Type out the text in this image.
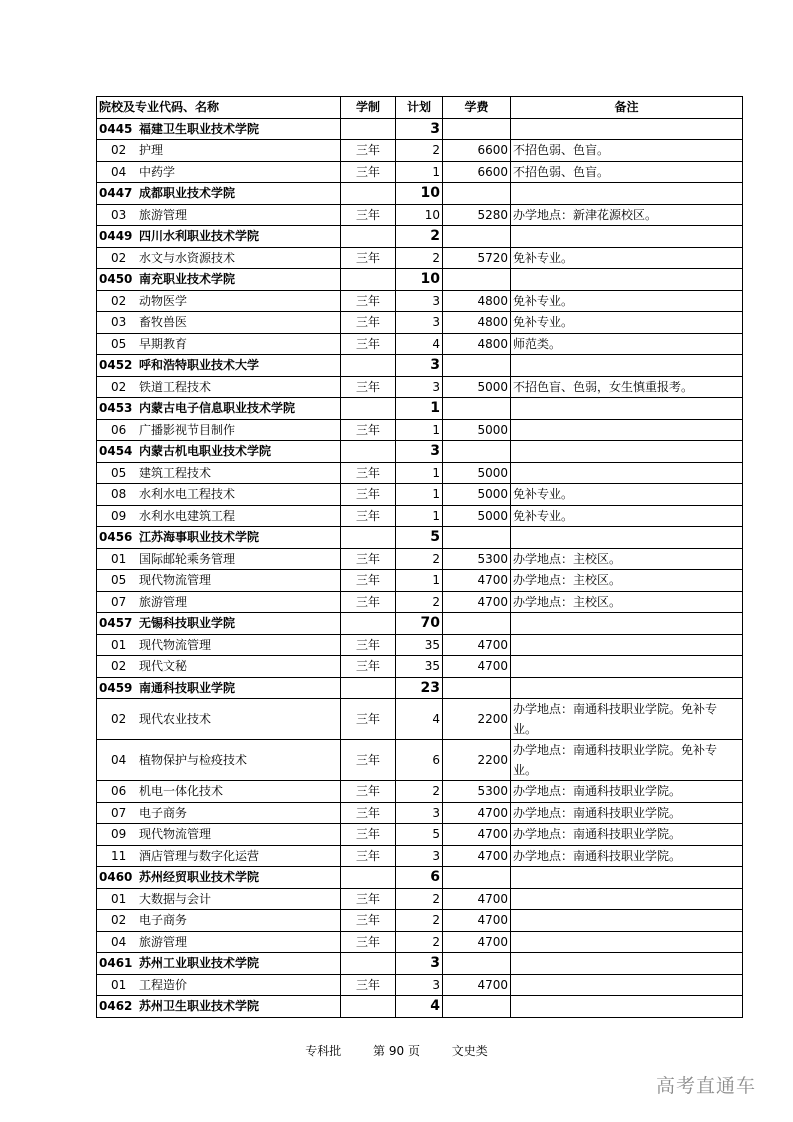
院校及专业代码、名称	学制	计划	学费	备注
0445 福建卫生职业技术学院		3		
02 护理	三年	2	6600	不招色弱、色盲。
04 中药学	三年	1	6600	不招色弱、色盲。
0447 成都职业技术学院		10		
03 旅游管理	三年	10	5280	办学地点：新津花源校区。
0449 四川水利职业技术学院		2		
02 水文与水资源技术	三年	2	5720	免补专业。
0450 南充职业技术学院		10		
02 动物医学	三年	3	4800	免补专业。
03 畜牧兽医	三年	3	4800	免补专业。
05 早期教育	三年	4	4800	师范类。
0452 呼和浩特职业技术大学		3		
02 铁道工程技术	三年	3	5000	不招色盲、色弱，女生慎重报考。
0453 内蒙古电子信息职业技术学院		1		
06 广播影视节目制作	三年	1	5000	
0454 内蒙古机电职业技术学院		3		
05 建筑工程技术	三年	1	5000	
08 水利水电工程技术	三年	1	5000	免补专业。
09 水利水电建筑工程	三年	1	5000	免补专业。
0456 江苏海事职业技术学院		5		
01 国际邮轮乘务管理	三年	2	5300	办学地点：主校区。
05 现代物流管理	三年	1	4700	办学地点：主校区。
07 旅游管理	三年	2	4700	办学地点：主校区。
0457 无锡科技职业学院		70		
01 现代物流管理	三年	35	4700	
02 现代文秘	三年	35	4700	
0459 南通科技职业学院		23		
02 现代农业技术	三年	4	2200	办学地点：南通科技职业学院。免补专业。
04 植物保护与检疫技术	三年	6	2200	办学地点：南通科技职业学院。免补专业。
06 机电一体化技术	三年	2	5300	办学地点：南通科技职业学院。
07 电子商务	三年	3	4700	办学地点：南通科技职业学院。
09 现代物流管理	三年	5	4700	办学地点：南通科技职业学院。
11 酒店管理与数字化运营	三年	3	4700	办学地点：南通科技职业学院。
0460 苏州经贸职业技术学院		6		
01 大数据与会计	三年	2	4700	
02 电子商务	三年	2	4700	
04 旅游管理	三年	2	4700	
0461 苏州工业职业技术学院		3		
01 工程造价	三年	3	4700	
0462 苏州卫生职业技术学院		4		
专科批	第 90 页	文史类
高考直通车
